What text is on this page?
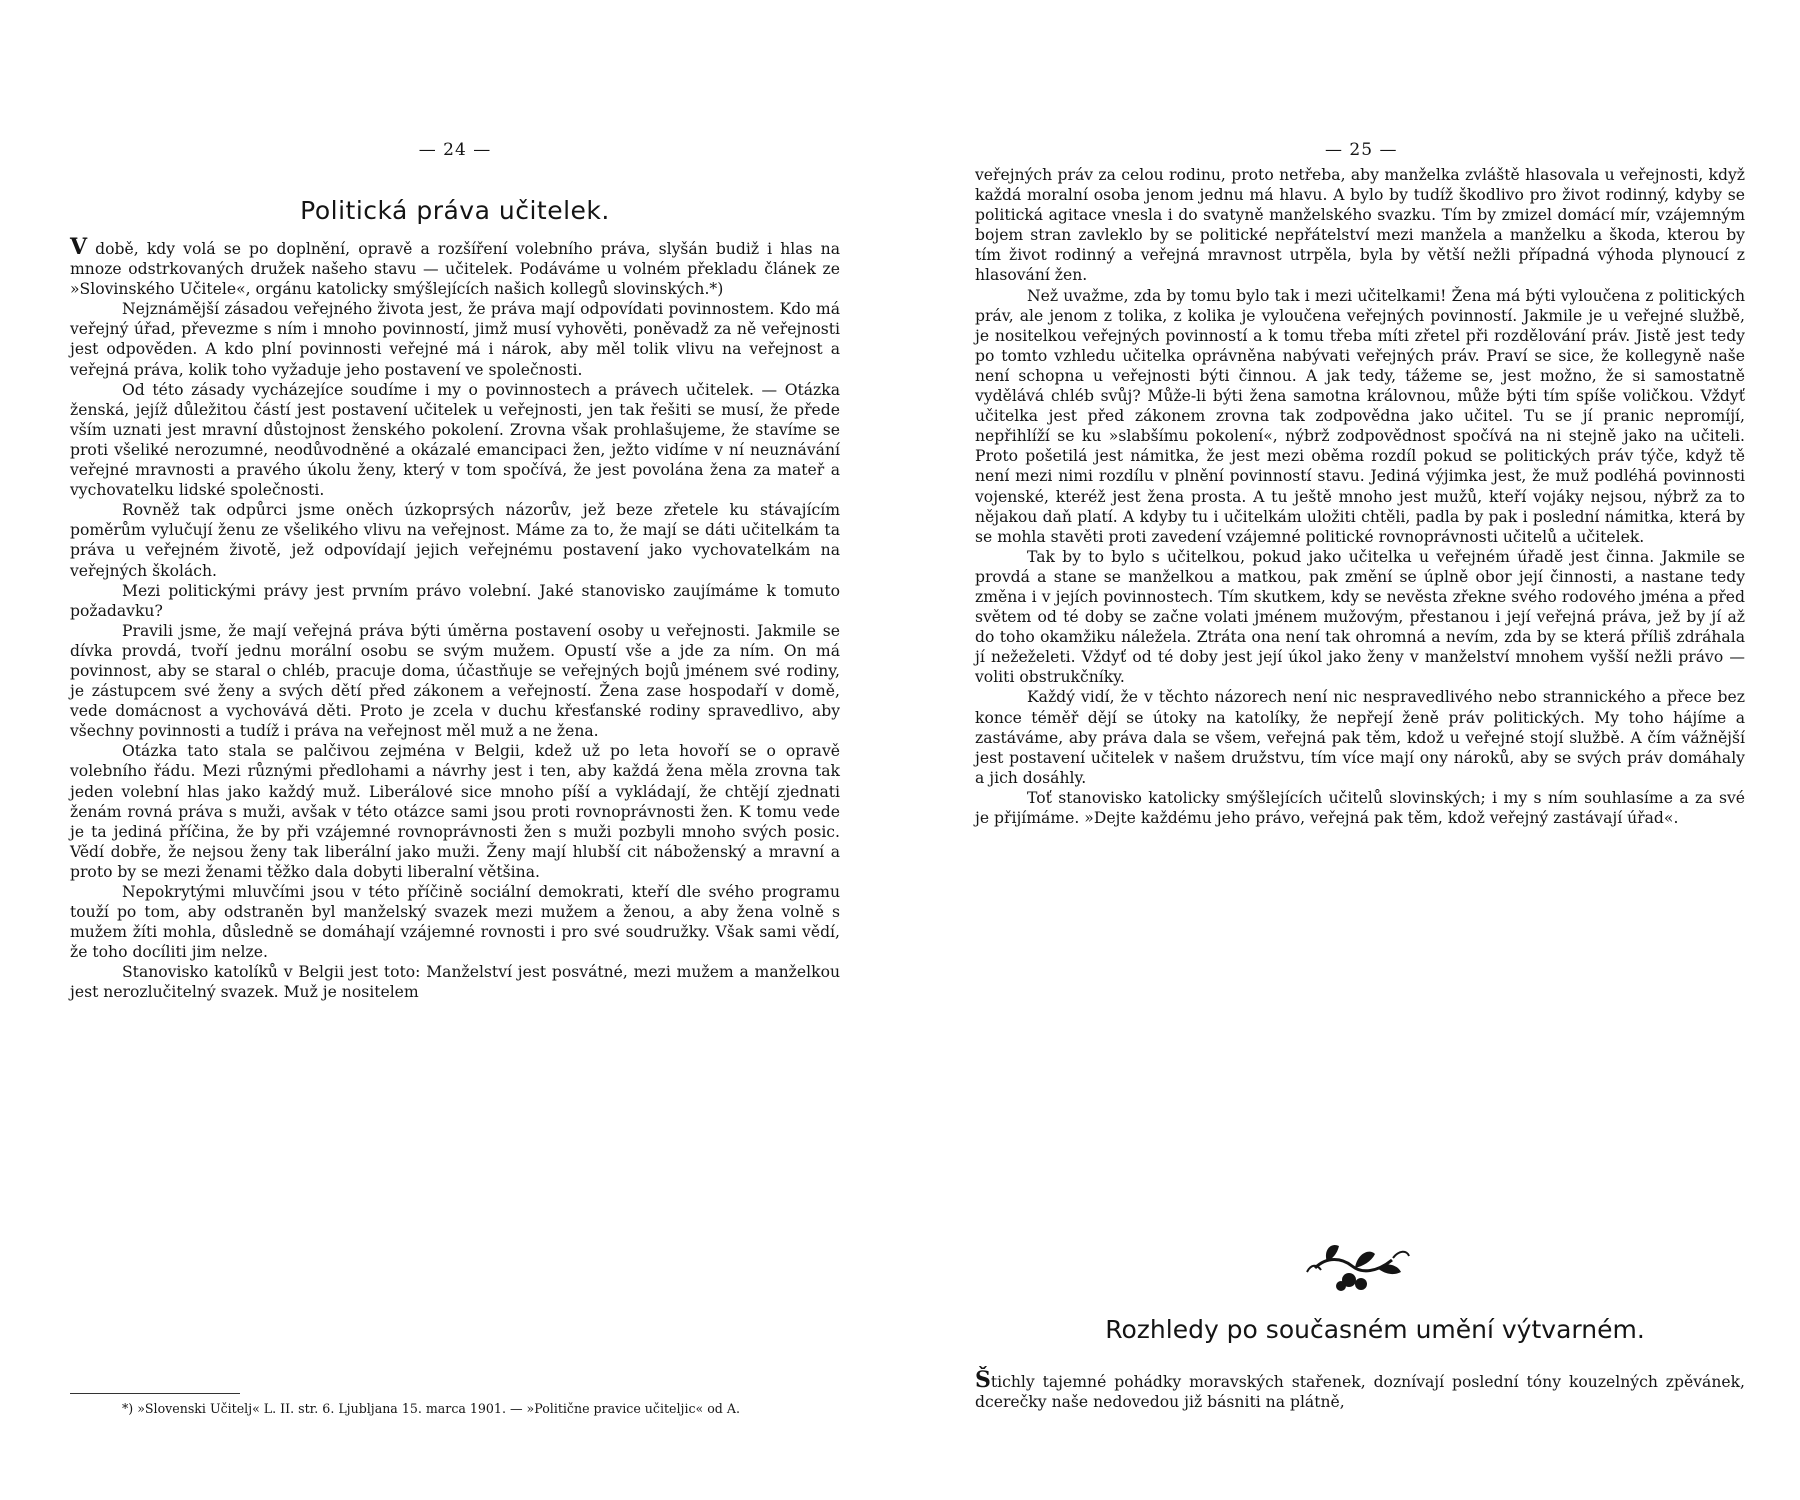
— 24 —
Politická práva učitelek.

V době, kdy volá se po doplnění, opravě a rozšíření volebního práva, slyšán budiž i hlas na mnoze odstrkovaných družek našeho stavu — učitelek. Podáváme u volném překladu článek ze »Slovinského Učitele«, orgánu katolicky smýšlejících našich kollegů slovinských.*)

Nejznámější zásadou veřejného života jest, že práva mají odpovídati povinnostem. Kdo má veřejný úřad, převezme s ním i mnoho povinností, jimž musí vyhověti, poněvadž za ně veřejnosti jest odpověden. A kdo plní povinnosti veřejné má i nárok, aby měl tolik vlivu na veřejnost a veřejná práva, kolik toho vyžaduje jeho postavení ve společnosti.

Od této zásady vycházejíce soudíme i my o povinnostech a právech učitelek. — Otázka ženská, jejíž důležitou částí jest postavení učitelek u veřejnosti, jen tak řešiti se musí, že přede vším uznati jest mravní důstojnost ženského pokolení. Zrovna však prohlašujeme, že stavíme se proti všeliké nerozumné, neodůvodněné a okázalé emancipaci žen, ježto vidíme v ní neuznávání veřejné mravnosti a pravého úkolu ženy, který v tom spočívá, že jest povolána žena za mateř a vychovatelku lidské společnosti.

Rovněž tak odpůrci jsme oněch úzkoprsých názorův, jež beze zřetele ku stávajícím poměrům vylučují ženu ze všelikého vlivu na veřejnost. Máme za to, že mají se dáti učitelkám ta práva u veřejném životě, jež odpovídají jejich veřejnému postavení jako vychovatelkám na veřejných školách.

Mezi politickými právy jest prvním právo volební. Jaké stanovisko zaujímáme k tomuto požadavku?

Pravili jsme, že mají veřejná práva býti úměrna postavení osoby u veřejnosti. Jakmile se dívka provdá, tvoří jednu morální osobu se svým mužem. Opustí vše a jde za ním. On má povinnost, aby se staral o chléb, pracuje doma, účastňuje se veřejných bojů jménem své rodiny, je zástupcem své ženy a svých dětí před zákonem a veřejností. Žena zase hospodaří v domě, vede domácnost a vychovává děti. Proto je zcela v duchu křesťanské rodiny spravedlivo, aby všechny povinnosti a tudíž i práva na veřejnost měl muž a ne žena.

Otázka tato stala se palčivou zejména v Belgii, kdež už po leta hovoří se o opravě volebního řádu. Mezi různými předlohami a návrhy jest i ten, aby každá žena měla zrovna tak jeden volební hlas jako každý muž. Liberálové sice mnoho píší a vykládají, že chtějí zjednati ženám rovná práva s muži, avšak v této otázce sami jsou proti rovnoprávnosti žen. K tomu vede je ta jediná příčina, že by při vzájemné rovnoprávnosti žen s muži pozbyli mnoho svých posic. Vědí dobře, že nejsou ženy tak liberální jako muži. Ženy mají hlubší cit náboženský a mravní a proto by se mezi ženami těžko dala dobyti liberalní většina.

Nepokrytými mluvčími jsou v této příčině sociální demokrati, kteří dle svého programu touží po tom, aby odstraněn byl manželský svazek mezi mužem a ženou, a aby žena volně s mužem žíti mohla, důsledně se domáhají vzájemné rovnosti i pro své soudružky. Však sami vědí, že toho docíliti jim nelze.

Stanovisko katolíků v Belgii jest toto: Manželství jest posvátné, mezi mužem a manželkou jest nerozlučitelný svazek. Muž je nositelem

*) »Slovenski Učitelj« L. II. str. 6. Ljubljana 15. marca 1901. — »Politične pravice učiteljic« od A.

— 25 —

veřejných práv za celou rodinu, proto netřeba, aby manželka zvláště hlasovala u veřejnosti, když každá moralní osoba jenom jednu má hlavu. A bylo by tudíž škodlivo pro život rodinný, kdyby se politická agitace vnesla i do svatyně manželského svazku. Tím by zmizel domácí mír, vzájemným bojem stran zavleklo by se politické nepřátelství mezi manžela a manželku a škoda, kterou by tím život rodinný a veřejná mravnost utrpěla, byla by větší nežli případná výhoda plynoucí z hlasování žen.

Než uvažme, zda by tomu bylo tak i mezi učitelkami! Žena má býti vyloučena z politických práv, ale jenom z tolika, z kolika je vyloučena veřejných povinností. Jakmile je u veřejné službě, je nositelkou veřejných povinností a k tomu třeba míti zřetel při rozdělování práv. Jistě jest tedy po tomto vzhledu učitelka oprávněna nabývati veřejných práv. Praví se sice, že kollegyně naše není schopna u veřejnosti býti činnou. A jak tedy, tážeme se, jest možno, že si samostatně vydělává chléb svůj? Může-li býti žena samotna královnou, může býti tím spíše voličkou. Vždyť učitelka jest před zákonem zrovna tak zodpovědna jako učitel. Tu se jí pranic nepromíjí, nepřihlíží se ku »slabšímu pokolení«, nýbrž zodpovědnost spočívá na ni stejně jako na učiteli. Proto pošetilá jest námitka, že jest mezi oběma rozdíl pokud se politických práv týče, když tě není mezi nimi rozdílu v plnění povinností stavu. Jediná výjimka jest, že muž podléhá povinnosti vojenské, kteréž jest žena prosta. A tu ještě mnoho jest mužů, kteří vojáky nejsou, nýbrž za to nějakou daň platí. A kdyby tu i učitelkám uložiti chtěli, padla by pak i poslední námitka, která by se mohla stavěti proti zavedení vzájemné politické rovnoprávnosti učitelů a učitelek.

Tak by to bylo s učitelkou, pokud jako učitelka u veřejném úřadě jest činna. Jakmile se provdá a stane se manželkou a matkou, pak změní se úplně obor její činnosti, a nastane tedy změna i v jejích povinnostech. Tím skutkem, kdy se nevěsta zřekne svého rodového jména a před světem od té doby se začne volati jménem mužovým, přestanou i její veřejná práva, jež by jí až do toho okamžiku náležela. Ztráta ona není tak ohromná a nevím, zda by se která příliš zdráhala jí nežeželeti. Vždyť od té doby jest její úkol jako ženy v manželství mnohem vyšší nežli právo — voliti obstrukčníky.

Každý vidí, že v těchto názorech není nic nespravedlivého nebo strannického a přece bez konce téměř dějí se útoky na katolíky, že nepřejí ženě práv politických. My toho hájíme a zastáváme, aby práva dala se všem, veřejná pak těm, kdož u veřejné stojí službě. A čím vážnější jest postavení učitelek v našem družstvu, tím více mají ony nároků, aby se svých práv domáhaly a jich dosáhly.

Toť stanovisko katolicky smýšlejících učitelů slovinských; i my s ním souhlasíme a za své je přijímáme. »Dejte každému jeho právo, veřejná pak těm, kdož veřejný zastávají úřad«.

Rozhledy po současném umění výtvarném.

Štichly tajemné pohádky moravských stařenek, doznívají poslední tóny kouzelných zpěvánek, dcerečky naše nedovedou již básniti na plátně,
